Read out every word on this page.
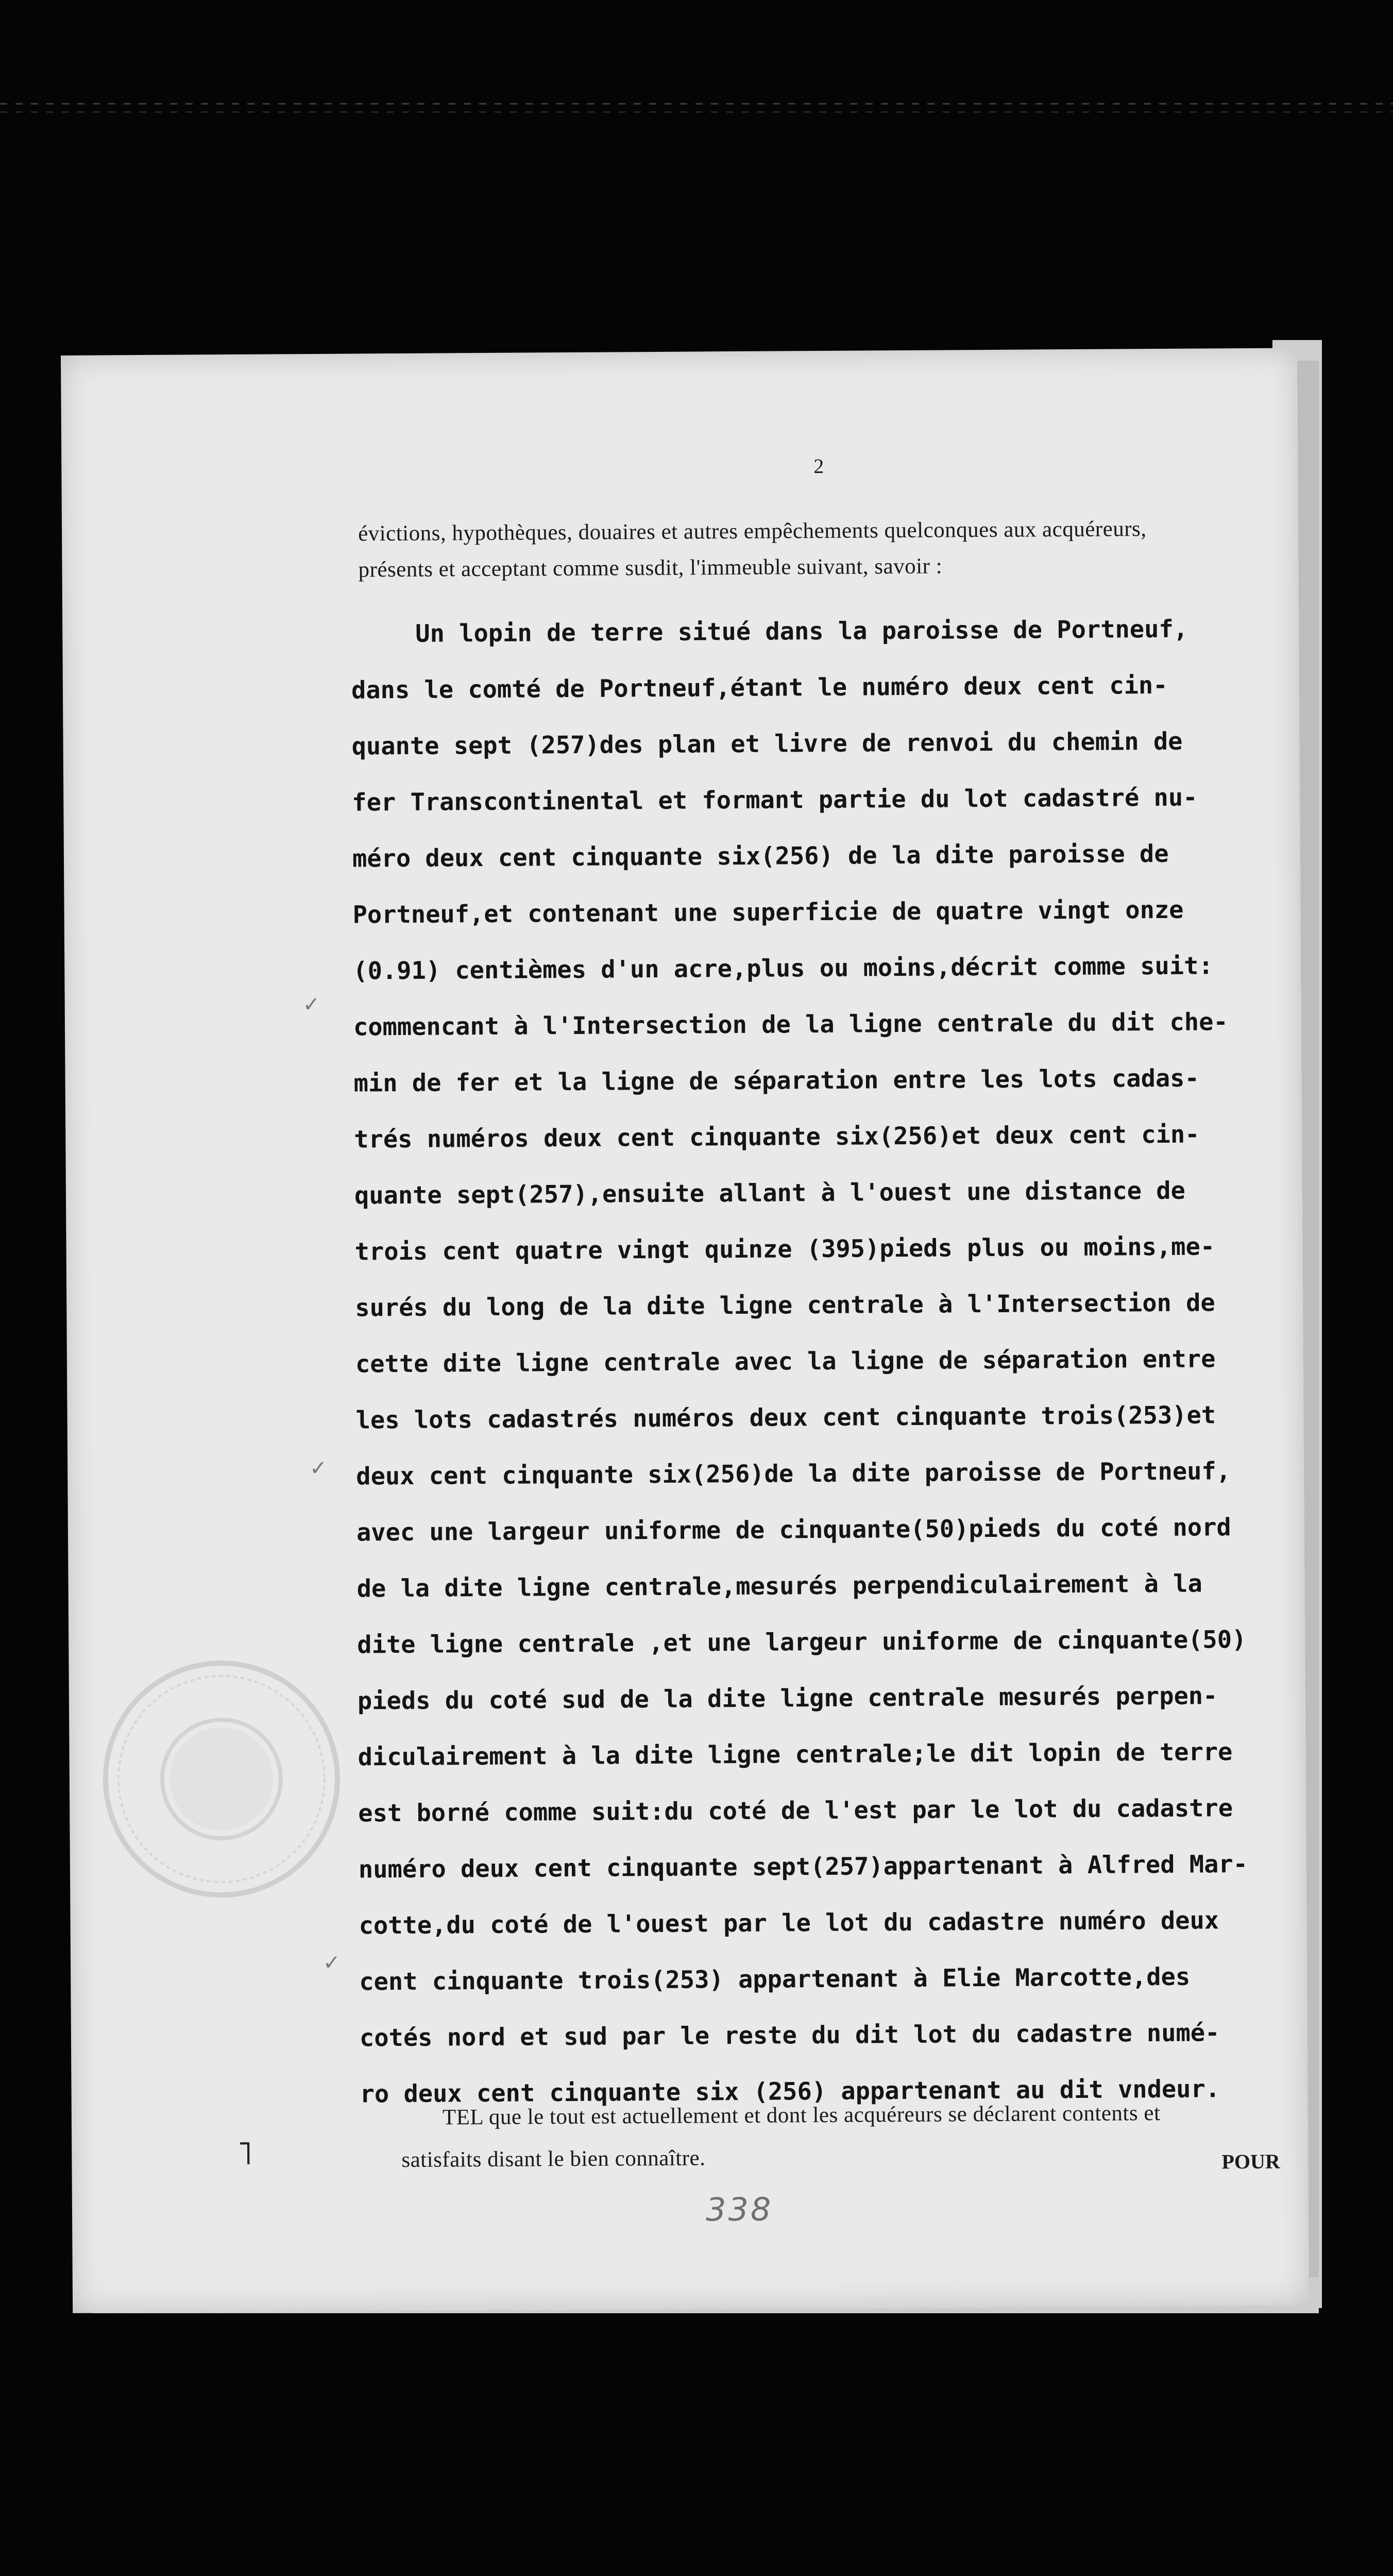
2
évictions, hypothèques, douaires et autres empêchements quelconques aux acquéreurs,
présents et acceptant comme susdit, l'immeuble suivant, savoir :
Un lopin de terre situé dans la paroisse de Portneuf,
dans le comté de Portneuf,étant le numéro deux cent cin-
quante sept (257)des plan et livre de renvoi du chemin de
fer Transcontinental et formant partie du lot cadastré nu-
méro deux cent cinquante six(256) de la dite paroisse de
Portneuf,et contenant une superficie de quatre vingt onze
(0.91) centièmes d'un acre,plus ou moins,décrit comme suit:
commencant à l'Intersection de la ligne centrale du dit che-
min de fer et la ligne de séparation entre les lots cadas-
trés numéros deux cent cinquante six(256)et deux cent cin-
quante sept(257),ensuite allant à l'ouest une distance de
trois cent quatre vingt quinze (395)pieds plus ou moins,me-
surés du long de la dite ligne centrale à l'Intersection de
cette dite ligne centrale avec la ligne de séparation entre
les lots cadastrés numéros deux cent cinquante trois(253)et
deux cent cinquante six(256)de la dite paroisse de Portneuf,
avec une largeur uniforme de cinquante(50)pieds du coté nord
de la dite ligne centrale,mesurés perpendiculairement à la
dite ligne centrale ,et une largeur uniforme de cinquante(50)
pieds du coté sud de la dite ligne centrale mesurés perpen-
diculairement à la dite ligne centrale;le dit lopin de terre
est borné comme suit:du coté de l'est par le lot du cadastre
numéro deux cent cinquante sept(257)appartenant à Alfred Mar-
cotte,du coté de l'ouest par le lot du cadastre numéro deux
cent cinquante trois(253) appartenant à Elie Marcotte,des
cotés nord et sud par le reste du dit lot du cadastre numé-
ro deux cent cinquante six (256) appartenant au dit vndeur.
TEL que le tout est actuellement et dont les acquéreurs se déclarent contents et
satisfaits disant le bien connaître.	POUR
338
✓
✓
✓
˥
